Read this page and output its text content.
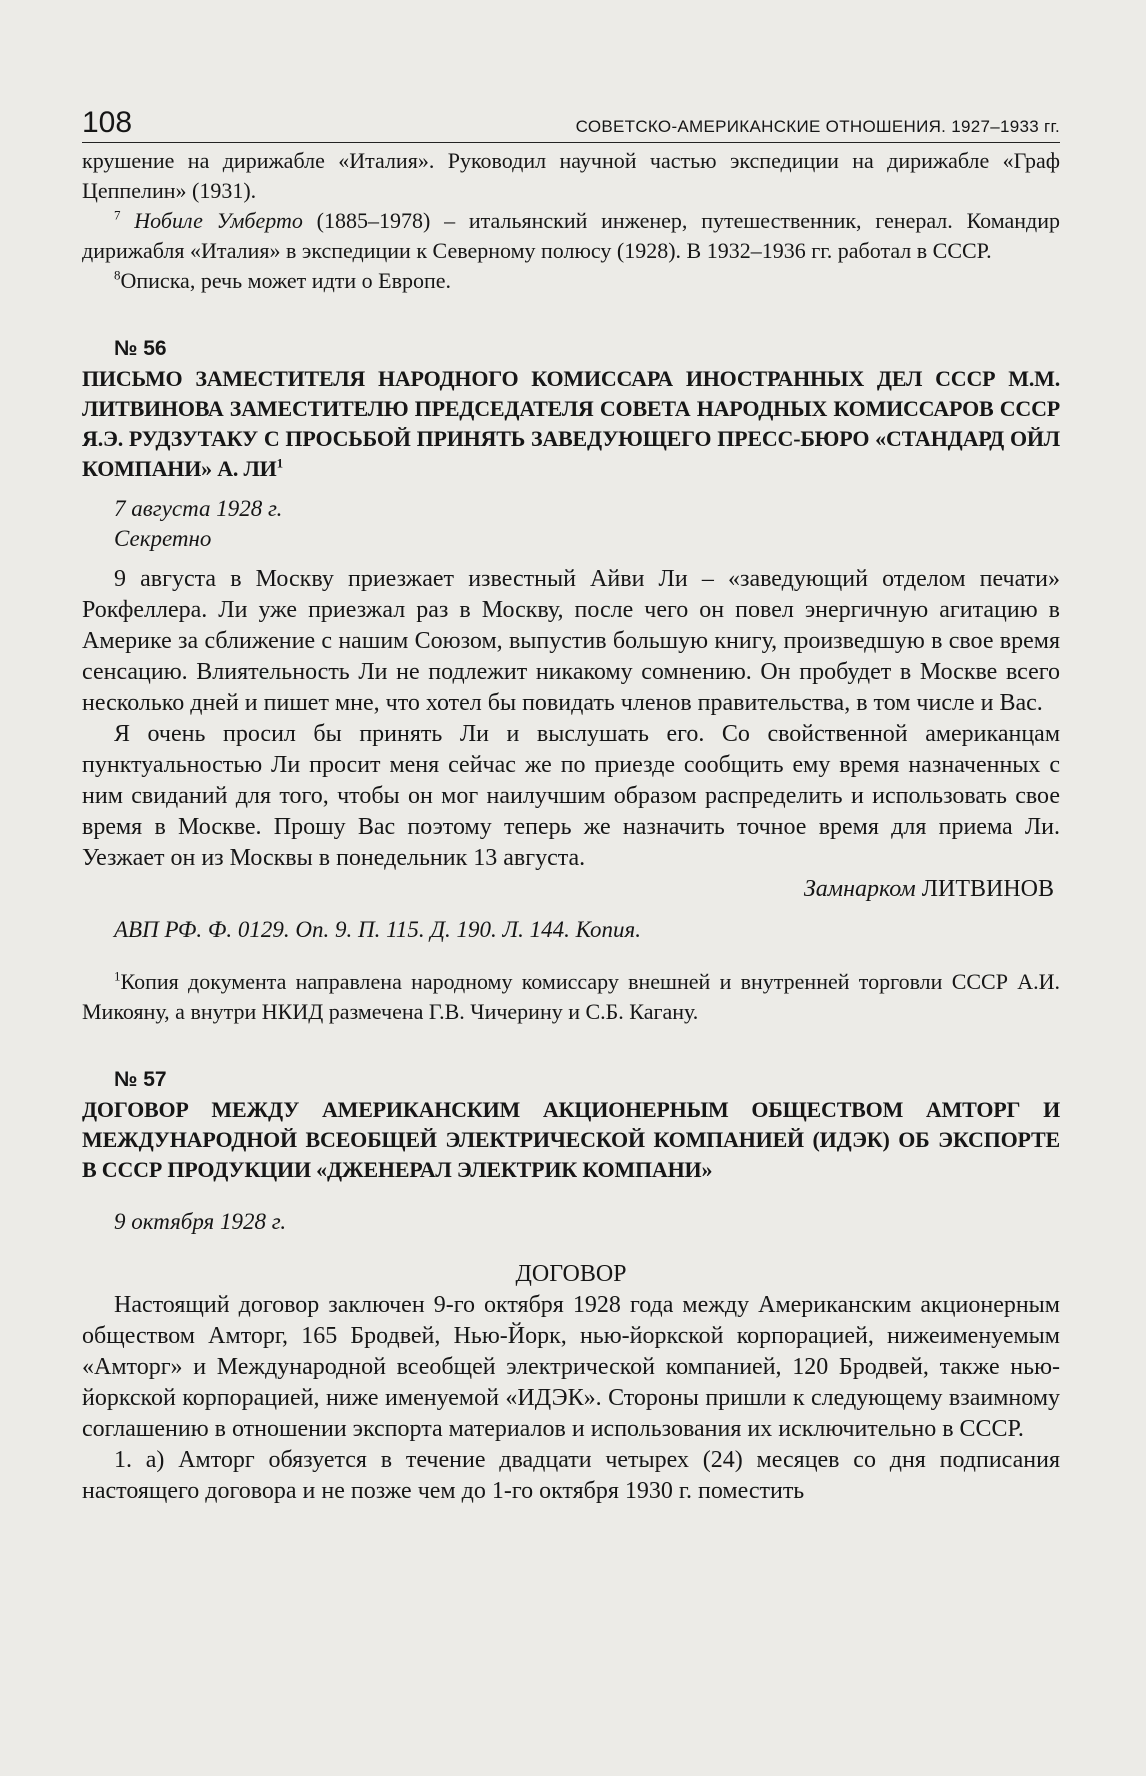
108	СОВЕТСКО-АМЕРИКАНСКИЕ ОТНОШЕНИЯ. 1927–1933 гг.

крушение на дирижабле «Италия». Руководил научной частью экспедиции на дирижабле «Граф Цеппелин» (1931).

$^7$ Нобиле Умберто (1885–1978) – итальянский инженер, путешественник, генерал. Командир дирижабля «Италия» в экспедиции к Северному полюсу (1928). В 1932–1936 гг. работал в СССР.

$^8$Описка, речь может идти о Европе.

№ 56

ПИСЬМО ЗАМЕСТИТЕЛЯ НАРОДНОГО КОМИССАРА ИНОСТРАННЫХ ДЕЛ СССР М.М. ЛИТВИНОВА ЗАМЕСТИТЕЛЮ ПРЕДСЕДАТЕЛЯ СОВЕТА НАРОДНЫХ КОМИССАРОВ СССР Я.Э. РУДЗУТАКУ С ПРОСЬБОЙ ПРИНЯТЬ ЗАВЕДУЮЩЕГО ПРЕСС-БЮРО «СТАНДАРД ОЙЛ КОМПАНИ» А. $ЛИ^1$

7 августа 1928 г.

Секретно

9 августа в Москву приезжает известный Айви Ли – «заведующий отделом печати» Рокфеллера. Ли уже приезжал раз в Москву, после чего он повел энергичную агитацию в Америке за сближение с нашим Союзом, выпустив большую книгу, произведшую в свое время сенсацию. Влиятельность Ли не подлежит никакому сомнению. Он пробудет в Москве всего несколько дней и пишет мне, что хотел бы повидать членов правительства, в том числе и Вас.

Я очень просил бы принять Ли и выслушать его. Со свойственной американцам пунктуальностью Ли просит меня сейчас же по приезде сообщить ему время назначенных с ним свиданий для того, чтобы он мог наилучшим образом распределить и использовать свое время в Москве. Прошу Вас поэтому теперь же назначить точное время для приема Ли. Уезжает он из Москвы в понедельник 13 августа.

Замнарком ЛИТВИНОВ

АВП РФ. Ф. 0129. Оп. 9. П. 115. Д. 190. Л. 144. Копия.

$^1$Копия документа направлена народному комиссару внешней и внутренней торговли СССР А.И. Микояну, а внутри НКИД размечена Г.В. Чичерину и С.Б. Кагану.

№ 57

ДОГОВОР МЕЖДУ АМЕРИКАНСКИМ АКЦИОНЕРНЫМ ОБЩЕСТВОМ АМТОРГ И МЕЖДУНАРОДНОЙ ВСЕОБЩЕЙ ЭЛЕКТРИЧЕСКОЙ КОМПАНИЕЙ (ИДЭК) ОБ ЭКСПОРТЕ В СССР ПРОДУКЦИИ «ДЖЕНЕРАЛ ЭЛЕКТРИК КОМПАНИ»

9 октября 1928 г.

ДОГОВОР

Настоящий договор заключен 9-го октября 1928 года между Американским акционерным обществом Амторг, 165 Бродвей, Нью-Йорк, нью-йоркской корпорацией, нижеименуемым «Амторг» и Международной всеобщей электрической компанией, 120 Бродвей, также нью-йоркской корпорацией, ниже именуемой «ИДЭК». Стороны пришли к следующему взаимному соглашению в отношении экспорта материалов и использования их исключительно в СССР.

1. а) Амторг обязуется в течение двадцати четырех (24) месяцев со дня подписания настоящего договора и не позже чем до 1-го октября 1930 г. поместить
